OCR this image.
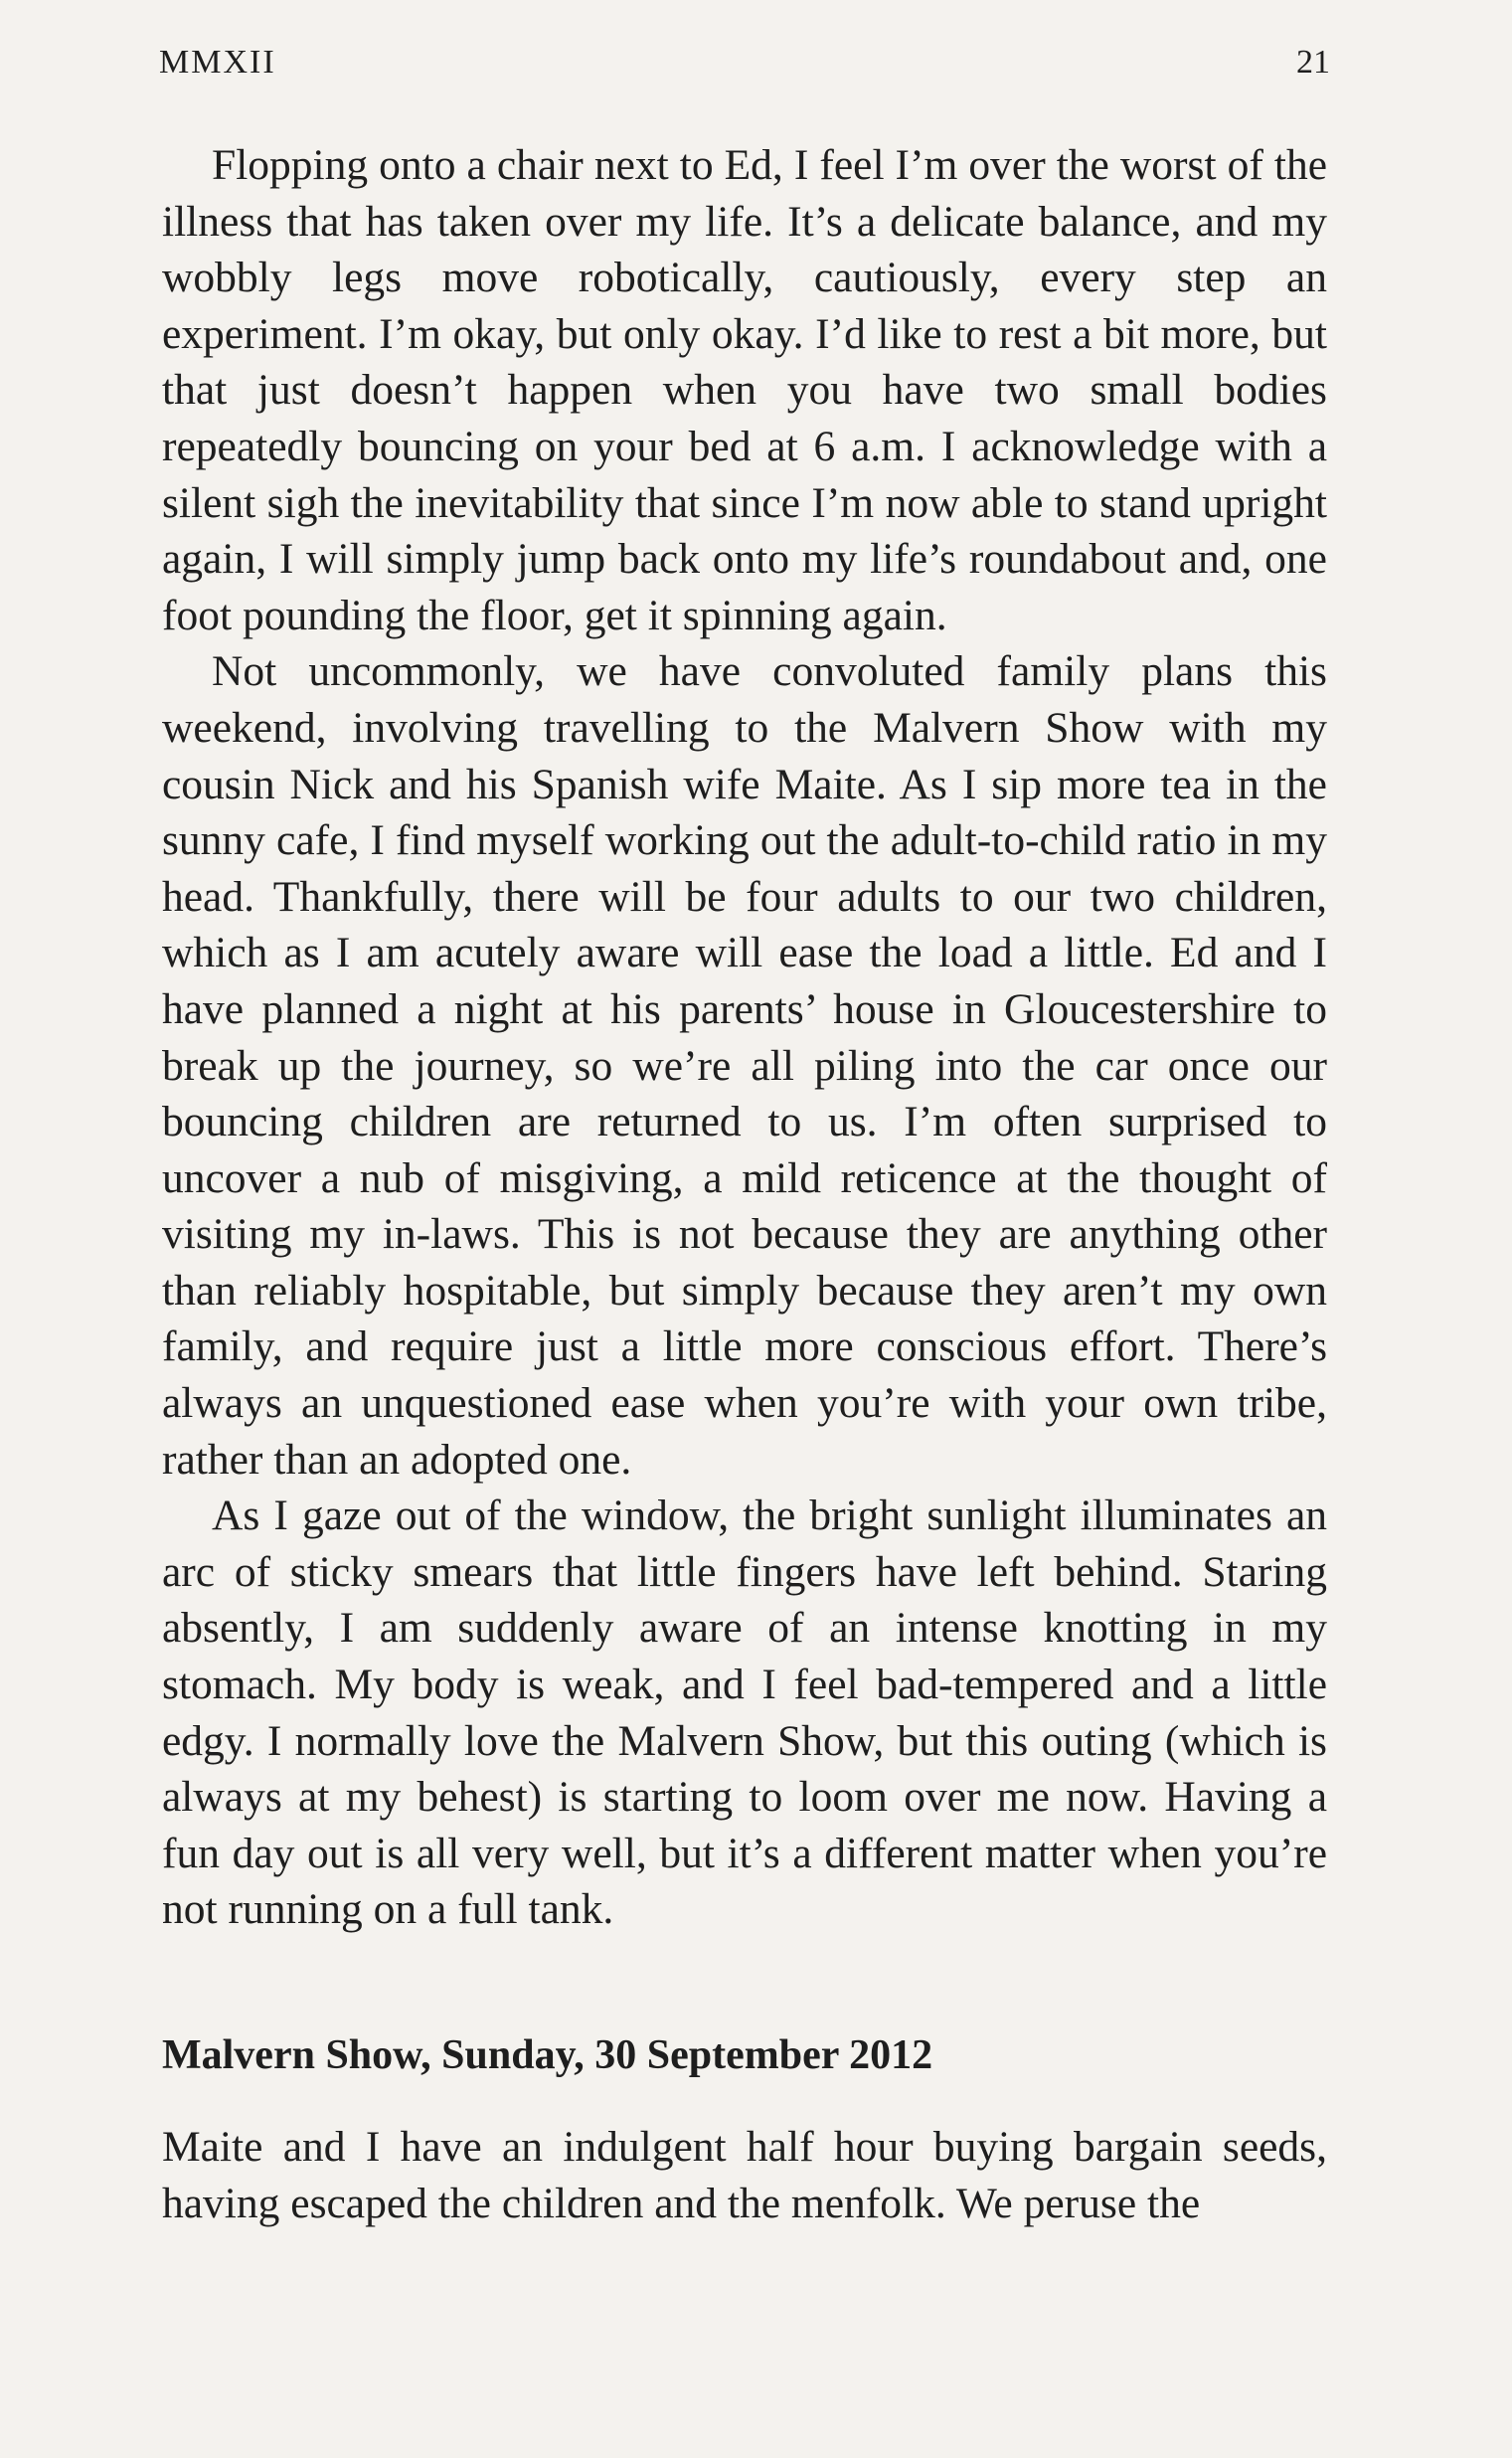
MMXII	21

Flopping onto a chair next to Ed, I feel I’m over the worst of the illness that has taken over my life. It’s a delicate balance, and my wobbly legs move robotically, cautiously, every step an experiment. I’m okay, but only okay. I’d like to rest a bit more, but that just doesn’t happen when you have two small bodies repeatedly bouncing on your bed at 6 a.m. I acknowledge with a silent sigh the inevitability that since I’m now able to stand upright again, I will simply jump back onto my life’s roundabout and, one foot pounding the floor, get it spinning again.

Not uncommonly, we have convoluted family plans this weekend, involving travelling to the Malvern Show with my cousin Nick and his Spanish wife Maite. As I sip more tea in the sunny cafe, I find myself working out the adult-to-child ratio in my head. Thankfully, there will be four adults to our two children, which as I am acutely aware will ease the load a little. Ed and I have planned a night at his parents’ house in Gloucestershire to break up the journey, so we’re all piling into the car once our bouncing children are returned to us. I’m often surprised to uncover a nub of misgiving, a mild reticence at the thought of visiting my in-laws. This is not because they are anything other than reliably hospitable, but simply because they aren’t my own family, and require just a little more conscious effort. There’s always an unquestioned ease when you’re with your own tribe, rather than an adopted one.

As I gaze out of the window, the bright sunlight illuminates an arc of sticky smears that little fingers have left behind. Staring absently, I am suddenly aware of an intense knotting in my stomach. My body is weak, and I feel bad-tempered and a little edgy. I normally love the Malvern Show, but this outing (which is always at my behest) is starting to loom over me now. Having a fun day out is all very well, but it’s a different matter when you’re not running on a full tank.

Malvern Show, Sunday, 30 September 2012

Maite and I have an indulgent half hour buying bargain seeds, having escaped the children and the menfolk. We peruse the
